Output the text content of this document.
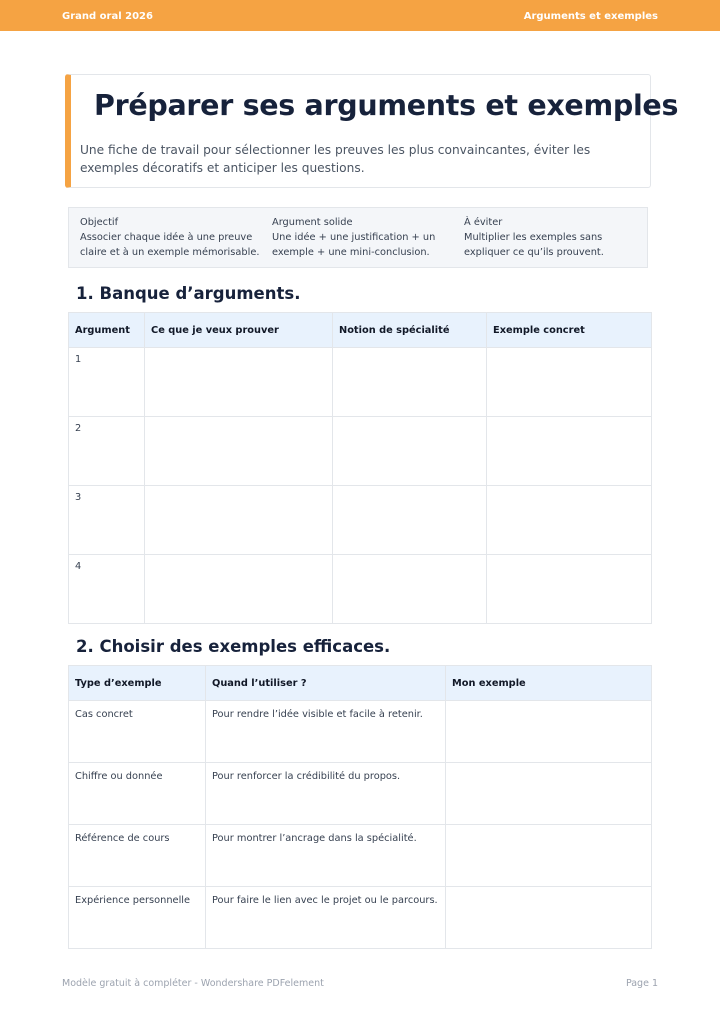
Grand oral 2026	Arguments et exemples
Préparer ses arguments et exemples

Une fiche de travail pour sélectionner les preuves les plus convaincantes, éviter les exemples décoratifs et anticiper les questions.

Objectif
Associer chaque idée à une preuve claire et à un exemple mémorisable.
Argument solide
Une idée + une justification + un exemple + une mini-conclusion.
À éviter
Multiplier les exemples sans expliquer ce qu’ils prouvent.
1. Banque d’arguments.
Argument	Ce que je veux prouver	Notion de spécialité	Exemple concret
1			
2			
3			
4			
2. Choisir des exemples efficaces.
Type d’exemple	Quand l’utiliser ?	Mon exemple
Cas concret	Pour rendre l’idée visible et facile à retenir.	
Chiffre ou donnée	Pour renforcer la crédibilité du propos.	
Référence de cours	Pour montrer l’ancrage dans la spécialité.	
Expérience personnelle	Pour faire le lien avec le projet ou le parcours.	
Modèle gratuit à compléter - Wondershare PDFelement	Page 1
